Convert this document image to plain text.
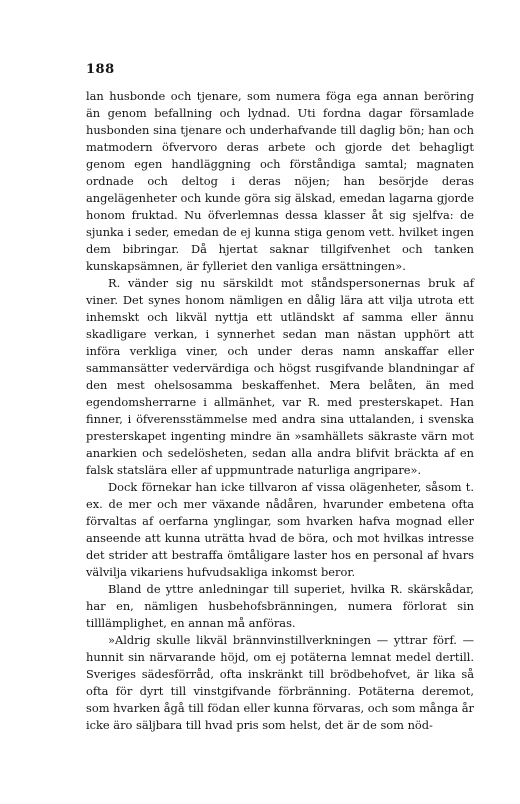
188

lan husbonde och tjenare, som numera föga ega annan beröring än genom befallning och lydnad. Uti fordna dagar församlade husbonden sina tjenare och underhafvande till daglig bön; han och matmodern öfvervoro deras arbete och gjorde det behagligt genom egen handläggning och förståndiga samtal; magnaten ordnade och deltog i deras nöjen; han besörjde deras angelägenheter och kunde göra sig älskad, emedan lagarna gjorde honom fruktad. Nu öfverlemnas dessa klasser åt sig sjelfva: de sjunka i seder, emedan de ej kunna stiga genom vett. hvilket ingen dem bibringar. Då hjertat saknar tillgifvenhet och tanken kunskapsämnen, är fylleriet den vanliga ersättningen».

R. vänder sig nu särskildt mot ståndspersonernas bruk af viner. Det synes honom nämligen en dålig lära att vilja utrota ett inhemskt och likväl nyttja ett utländskt af samma eller ännu skadligare verkan, i synnerhet sedan man nästan upphört att införa verkliga viner, och under deras namn anskaffar eller sammansätter vedervärdiga och högst rusgifvande blandningar af den mest ohelsosamma beskaffenhet. Mera belåten, än med egendomsherrarne i allmänhet, var R. med presterskapet. Han finner, i öfverensstämmelse med andra sina uttalanden, i svenska presterskapet ingenting mindre än »samhällets säkraste värn mot anarkien och sedelösheten, sedan alla andra blifvit bräckta af en falsk statslära eller af uppmuntrade naturliga angripare».

Dock förnekar han icke tillvaron af vissa olägenheter, såsom t. ex. de mer och mer växande nådåren, hvarunder embetena ofta förvaltas af oerfarna ynglingar, som hvarken hafva mognad eller anseende att kunna uträtta hvad de böra, och mot hvilkas intresse det strider att bestraffa ömtåligare laster hos en personal af hvars välvilja vikariens hufvudsakliga inkomst beror.

Bland de yttre anledningar till superiet, hvilka R. skärskådar, har en, nämligen husbehofsbränningen, numera förlorat sin tilllämplighet, en annan må anföras.

»Aldrig skulle likväl brännvinstillverkningen — yttrar förf. — hunnit sin närvarande höjd, om ej potäterna lemnat medel dertill. Sveriges sädesförråd, ofta inskränkt till brödbehofvet, är lika så ofta för dyrt till vinstgifvande förbränning. Potäterna deremot, som hvarken ågå till födan eller kunna förvaras, och som många år icke äro säljbara till hvad pris som helst, det är de som nöd-
